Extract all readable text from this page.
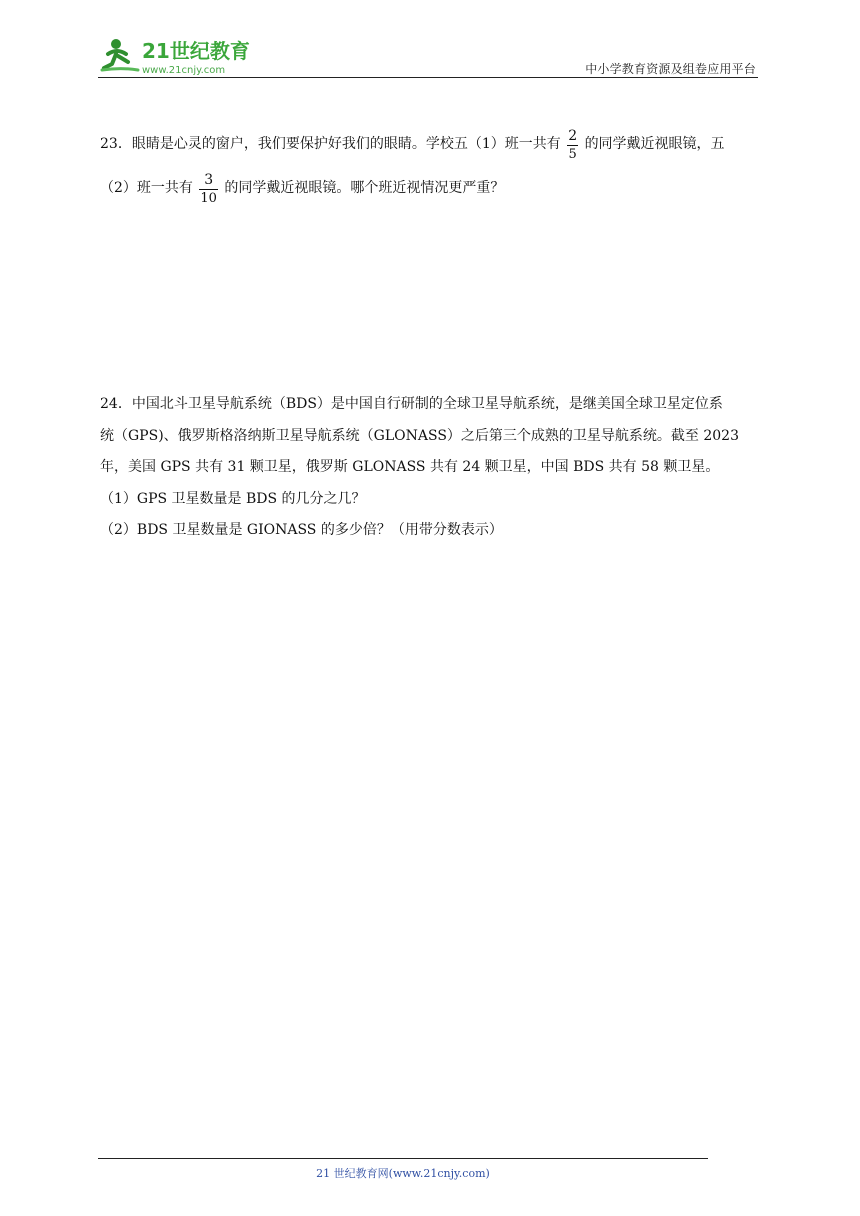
21世纪教育
www.21cnjy.com	中小学教育资源及组卷应用平台
23．眼睛是心灵的窗户，我们要保护好我们的眼睛。学校五（1）班一共有 $\frac{2}{5}$ 的同学戴近视眼镜，五
（2）班一共有 $\frac{3}{10}$ 的同学戴近视眼镜。哪个班近视情况更严重？
24．中国北斗卫星导航系统（BDS）是中国自行研制的全球卫星导航系统，是继美国全球卫星定位系
统（GPS)、俄罗斯格洛纳斯卫星导航系统（GLONASS）之后第三个成熟的卫星导航系统。截至 2023
年，美国 GPS 共有 31 颗卫星，俄罗斯 GLONASS 共有 24 颗卫星，中国 BDS 共有 58 颗卫星。
（1）GPS 卫星数量是 BDS 的几分之几？
（2）BDS 卫星数量是 GIONASS 的多少倍？（用带分数表示）
21 世纪教育网(www.21cnjy.com)
